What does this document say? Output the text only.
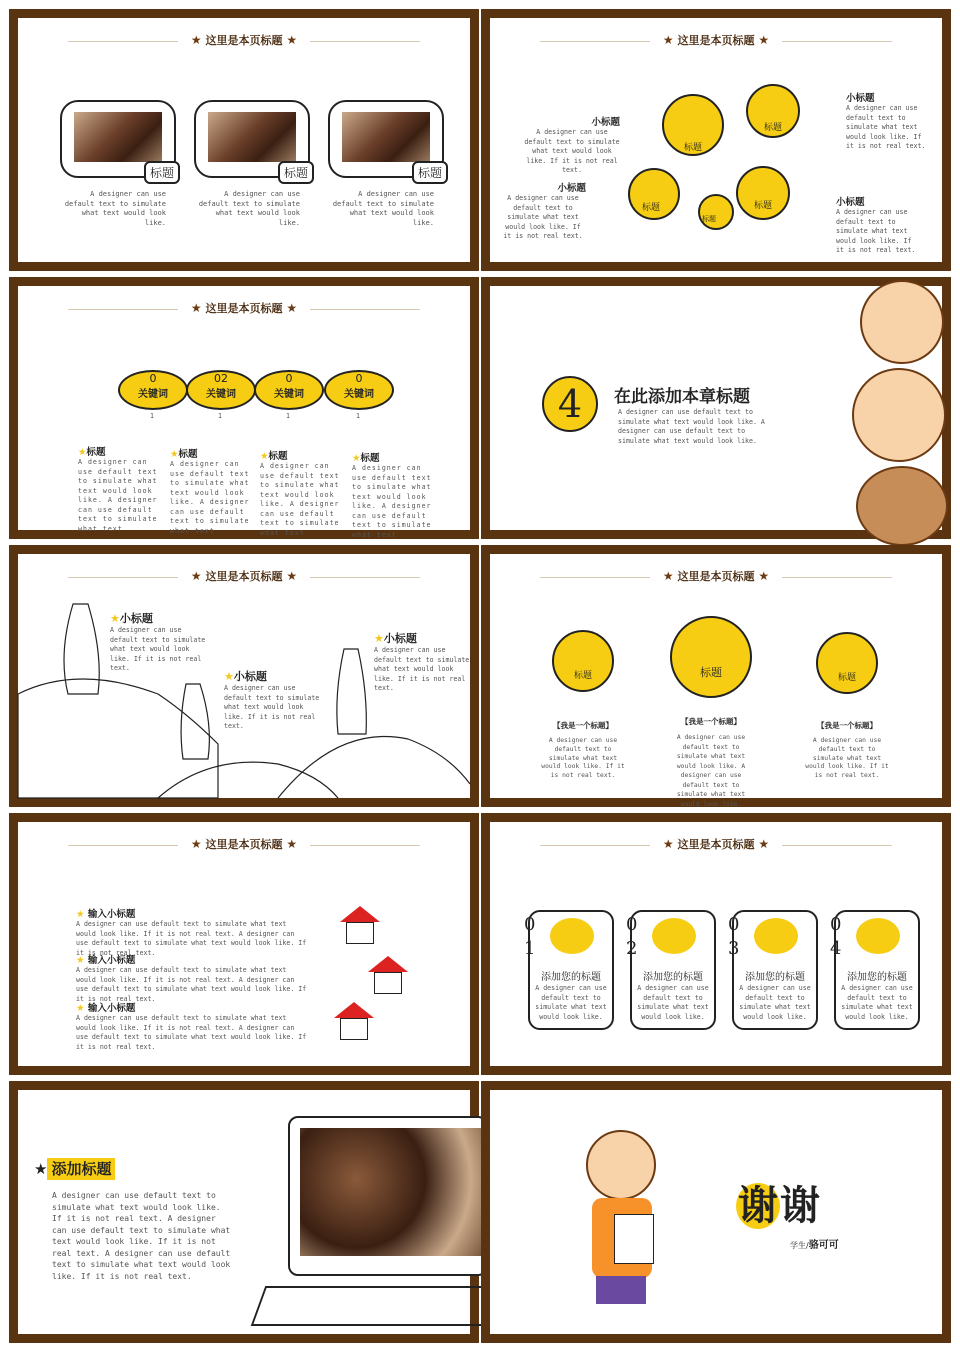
★ 这里是本页标题 ★
标题
A designer can use default text to simulate what text would look like.
标题
A designer can use default text to simulate what text would look like.
标题
A designer can use default text to simulate what text would look like.
★ 这里是本页标题 ★
标题
标题
标题
标题
标题
小标题
A designer can use default text to simulate what text would look like. If it is not real text.
小标题
A designer can use default text to simulate what text would look like. If it is not real text.
小标题
A designer can use default text to simulate what text would look like. If it is not real text.
小标题
A designer can use default text to simulate what text would look like. If it is not real text.
★ 这里是本页标题 ★
0
关键词
02
关键词
0
关键词
0
关键词
1	1	1	1
★标题
A designer can use default text to simulate what text would look like. A designer can use default text to simulate what text
★标题
A designer can use default text to simulate what text would look like. A designer can use default text to simulate what text
★标题
A designer can use default text to simulate what text would look like. A designer can use default text to simulate what text
★标题
A designer can use default text to simulate what text would look like. A designer can use default text to simulate what text
4	在此添加本章标题
A designer can use default text to simulate what text would look like. A designer can use default text to simulate what text would look like.
★ 这里是本页标题 ★
★小标题
A designer can use default text to simulate what text would look like. If it is not real text.
★小标题
A designer can use default text to simulate what text would look like. If it is not real text.
★小标题
A designer can use default text to simulate what text would look like. If it is not real text.
★ 这里是本页标题 ★
标题	标题	标题
【我是一个标题】
A designer can use default text to simulate what text would look like. If it is not real text.
【我是一个标题】
A designer can use default text to simulate what text would look like. A designer can use default text to simulate what text would look like.
【我是一个标题】
A designer can use default text to simulate what text would look like. If it is not real text.
★ 这里是本页标题 ★
★ 输入小标题
A designer can use default text to simulate what text would look like. If it is not real text. A designer can use default text to simulate what text would look like. If it is not real text.
★ 输入小标题
A designer can use default text to simulate what text would look like. If it is not real text. A designer can use default text to simulate what text would look like. If it is not real text.
★ 输入小标题
A designer can use default text to simulate what text would look like. If it is not real text. A designer can use default text to simulate what text would look like. If it is not real text.
★ 这里是本页标题 ★
0
1
添加您的标题
A designer can use default text to simulate what text would look like.
0
2
添加您的标题
A designer can use default text to simulate what text would look like.
0
3
添加您的标题
A designer can use default text to simulate what text would look like.
0
4
添加您的标题
A designer can use default text to simulate what text would look like.
★ 添加标题
A designer can use default text to simulate what text would look like. If it is not real text. A designer can use default text to simulate what text would look like. If it is not real text. A designer can use default text to simulate what text would look like. If it is not real text.
谢谢
学生/骆可可
